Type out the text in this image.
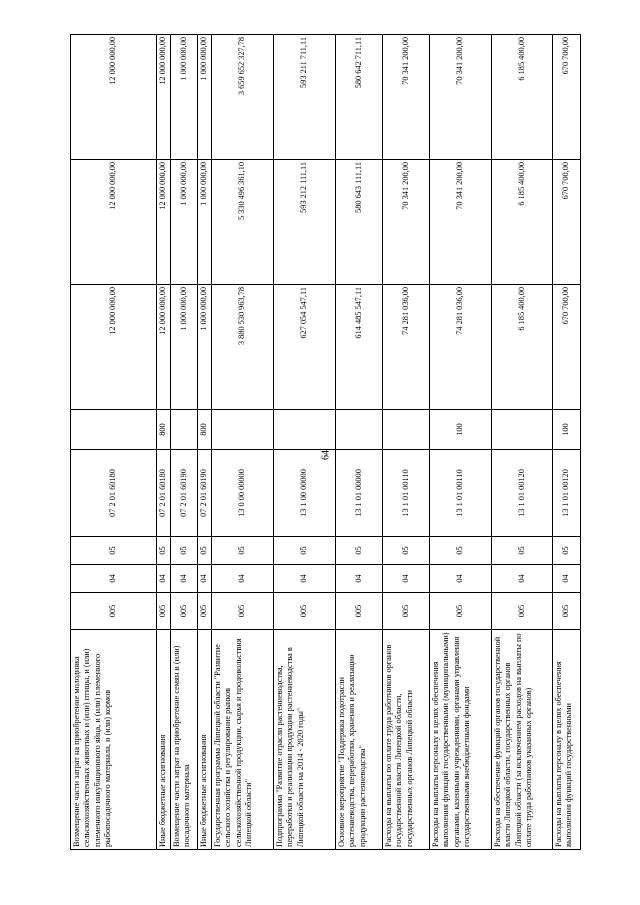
64
Возмещение части затрат на приобретение молодняка сельскохозяйственных животных и (или) птицы, и (или) племенного инкубационного яйца, и (или) племенного рыбопосадочного материала, и (или) кормов	005	04	05	07 2 01 60180		12 000 000,00	12 000 000,00	12 000 000,00
Иные бюджетные ассигнования	005	04	05	07 2 01 60180	800	12 000 000,00	12 000 000,00	12 000 000,00
Возмещение части затрат на приобретение семян и (или) посадочного материала	005	04	05	07 2 01 60190		1 000 000,00	1 000 000,00	1 000 000,00
Иные бюджетные ассигнования	005	04	05	07 2 01 60190	800	1 000 000,00	1 000 000,00	1 000 000,00
Государственная программа Липецкой области "Развитие сельского хозяйства и регулирование рынков сельскохозяйственной продукции, сырья и продовольствия Липецкой области"	005	04	05	13 0 00 00000		3 880 530 963,78	5 330 496 361,10	3 659 652 327,78
Подпрограмма "Развитие отрасли растениеводства, переработки и реализации продукции растениеводства в Липецкой области на 2014 - 2020 годы"	005	04	05	13 1 00 00000		627 054 547,11	593 212 111,11	593 211 711,11
Основное мероприятие "Поддержка подотрасли растениеводства, переработки, хранения и реализации продукции растениеводства"	005	04	05	13 1 01 00000		614 485 547,11	580 643 111,11	580 642 711,11
Расходы на выплаты по оплате труда работников органов государственной власти Липецкой области, государственных органов Липецкой области	005	04	05	13 1 01 00110		74 281 036,00	70 341 200,00	70 341 200,00
Расходы на выплаты персоналу в целях обеспечения выполнения функций государственными (муниципальными) органами, казенными учреждениями, органами управления государственными внебюджетными фондами	005	04	05	13 1 01 00110	100	74 281 036,00	70 341 200,00	70 341 200,00
Расходы на обеспечение функций органов государственной власти Липецкой области, государственных органов Липецкой области (за исключением расходов на выплаты по оплате труда работников указанных органов)	005	04	05	13 1 01 00120		6 185 400,00	6 185 400,00	6 185 400,00
Расходы на выплаты персоналу в целях обеспечения выполнения функций государственными	005	04	05	13 1 01 00120	100	670 700,00	670 700,00	670 700,00
